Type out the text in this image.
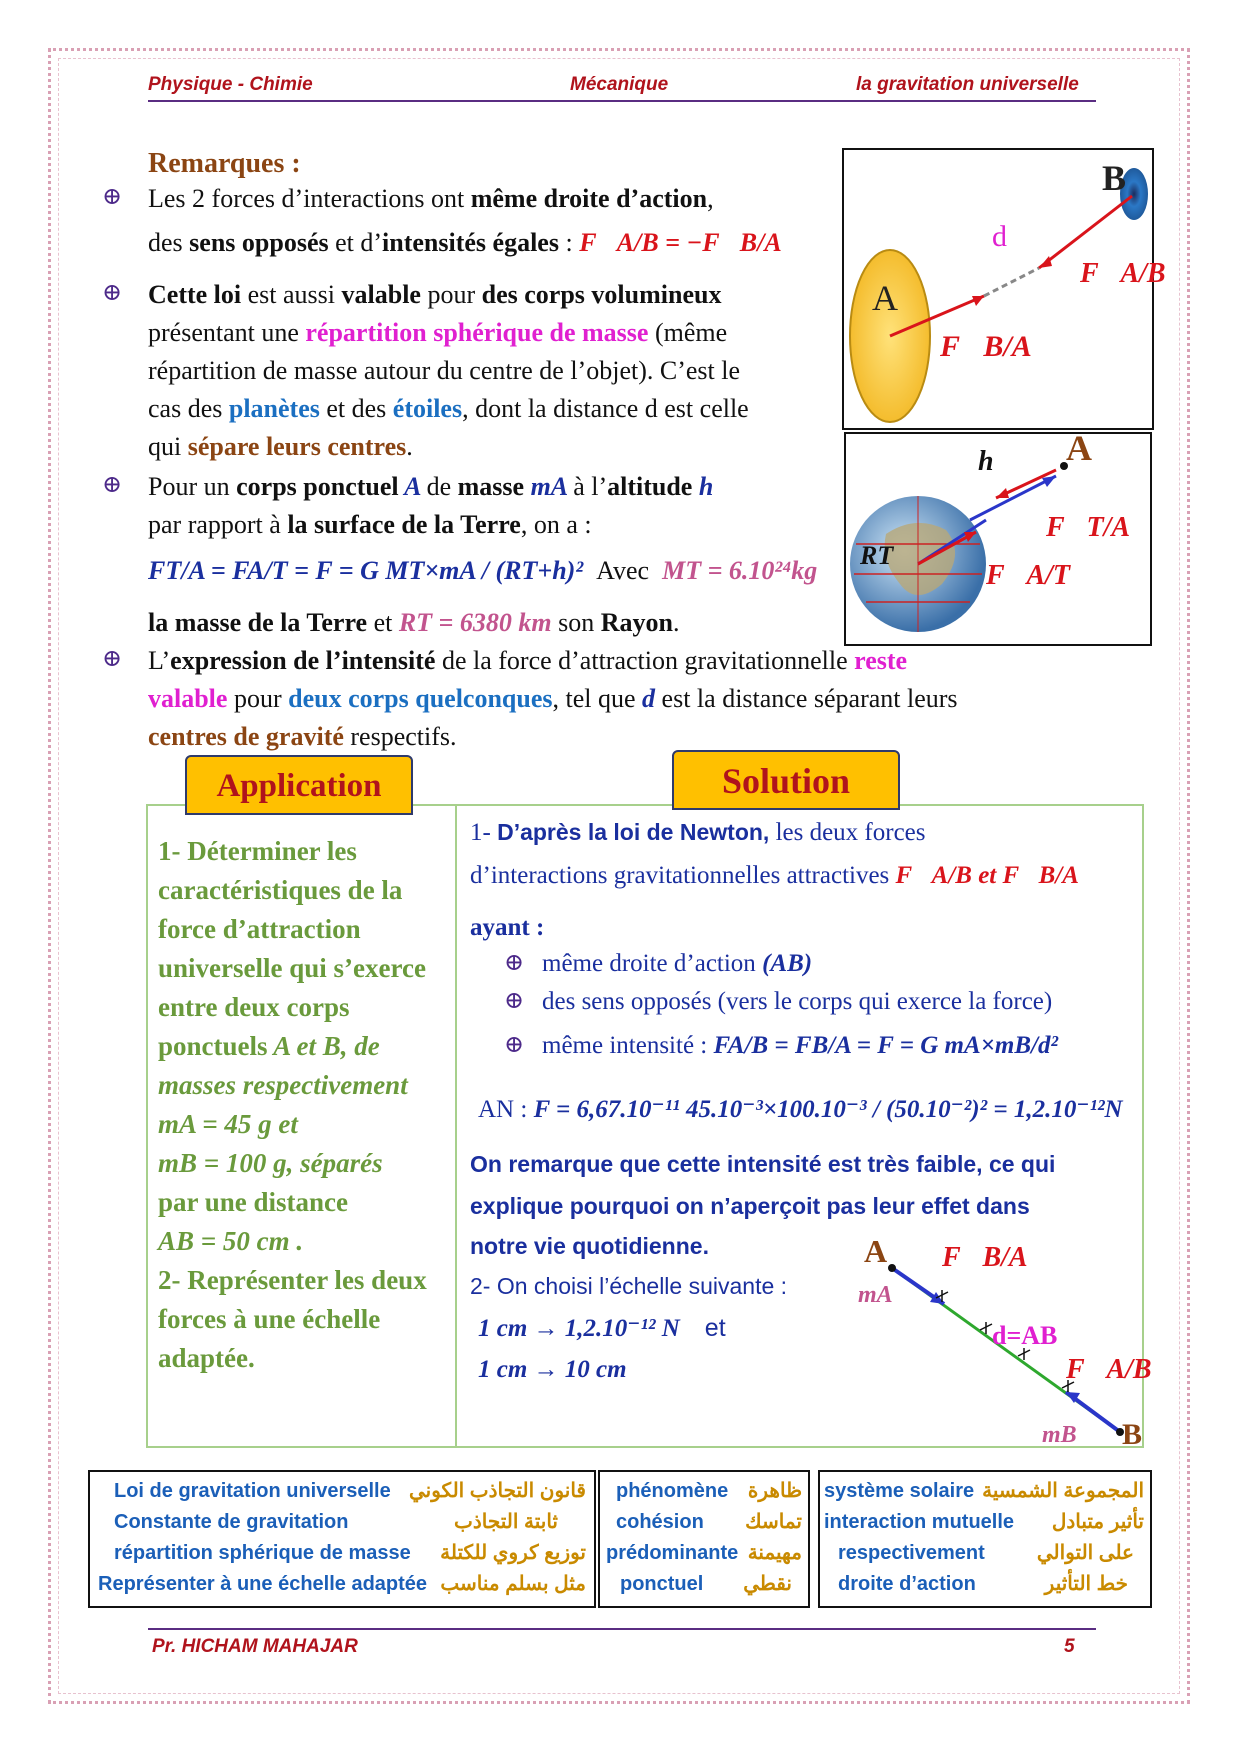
Physique - Chimie	Mécanique	la gravitation universelle
Remarques :
⊕ Les 2 forces d’interactions ont même droite d’action,
des sens opposés et d’intensités égales : F⃗A/B = −F⃗B/A
⊕ Cette loi est aussi valable pour des corps volumineux
présentant une répartition sphérique de masse (même
répartition de masse autour du centre de l’objet). C’est le
cas des planètes et des étoiles, dont la distance d est celle
qui sépare leurs centres.
⊕ Pour un corps ponctuel A de masse mA à l’altitude h
par rapport à la surface de la Terre, on a :
FT/A = FA/T = F = G MT×mA / (RT+h)² Avec MT = 6.10²⁴kg
la masse de la Terre et RT = 6380 km son Rayon.
⊕ L’expression de l’intensité de la force d’attraction gravitationnelle reste
valable pour deux corps quelconques, tel que d est la distance séparant leurs
centres de gravité respectifs.
A
B
d
F⃗A/B
F⃗B/A
A
h
RT
F⃗T/A
F⃗A/T
Application	Solution
1- Déterminer les caractéristiques de la force d’attraction universelle qui s’exerce entre deux corps ponctuels A et B, de masses respectivement
mA = 45 g et
mB = 100 g, séparés
par une distance
AB = 50 cm .
2- Représenter les deux forces à une échelle adaptée.
1- D’après la loi de Newton, les deux forces
d’interactions gravitationnelles attractives F⃗A/B et F⃗B/A
ayant :
⊕ même droite d’action (AB)
⊕ des sens opposés (vers le corps qui exerce la force)
⊕ même intensité : FA/B = FB/A = F = G mA×mB/d²
AN : F = 6,67.10⁻¹¹ 45.10⁻³×100.10⁻³ / (50.10⁻²)² = 1,2.10⁻¹²N
On remarque que cette intensité est très faible, ce qui
explique pourquoi on n’aperçoit pas leur effet dans
notre vie quotidienne.
2- On choisi l’échelle suivante :
1 cm → 1,2.10⁻¹² N et
1 cm → 10 cm
A
mA
F⃗B/A
d=AB
F⃗A/B
mB B
Loi de gravitation universelle قانون التجاذب الكوني
Constante de gravitation	ثابتة التجاذب
répartition sphérique de masse توزيع كروي للكتلة
Représenter à une échelle adaptée مثل بسلم مناسب
phénomène ظاهرة
cohésion تماسك
prédominante مهيمنة
ponctuel نقطي
système solaire المجموعة الشمسية
interaction mutuelle تأثير متبادل
respectivement	على التوالي
droite d’action	خط التأثير
Pr. HICHAM MAHAJAR	5
